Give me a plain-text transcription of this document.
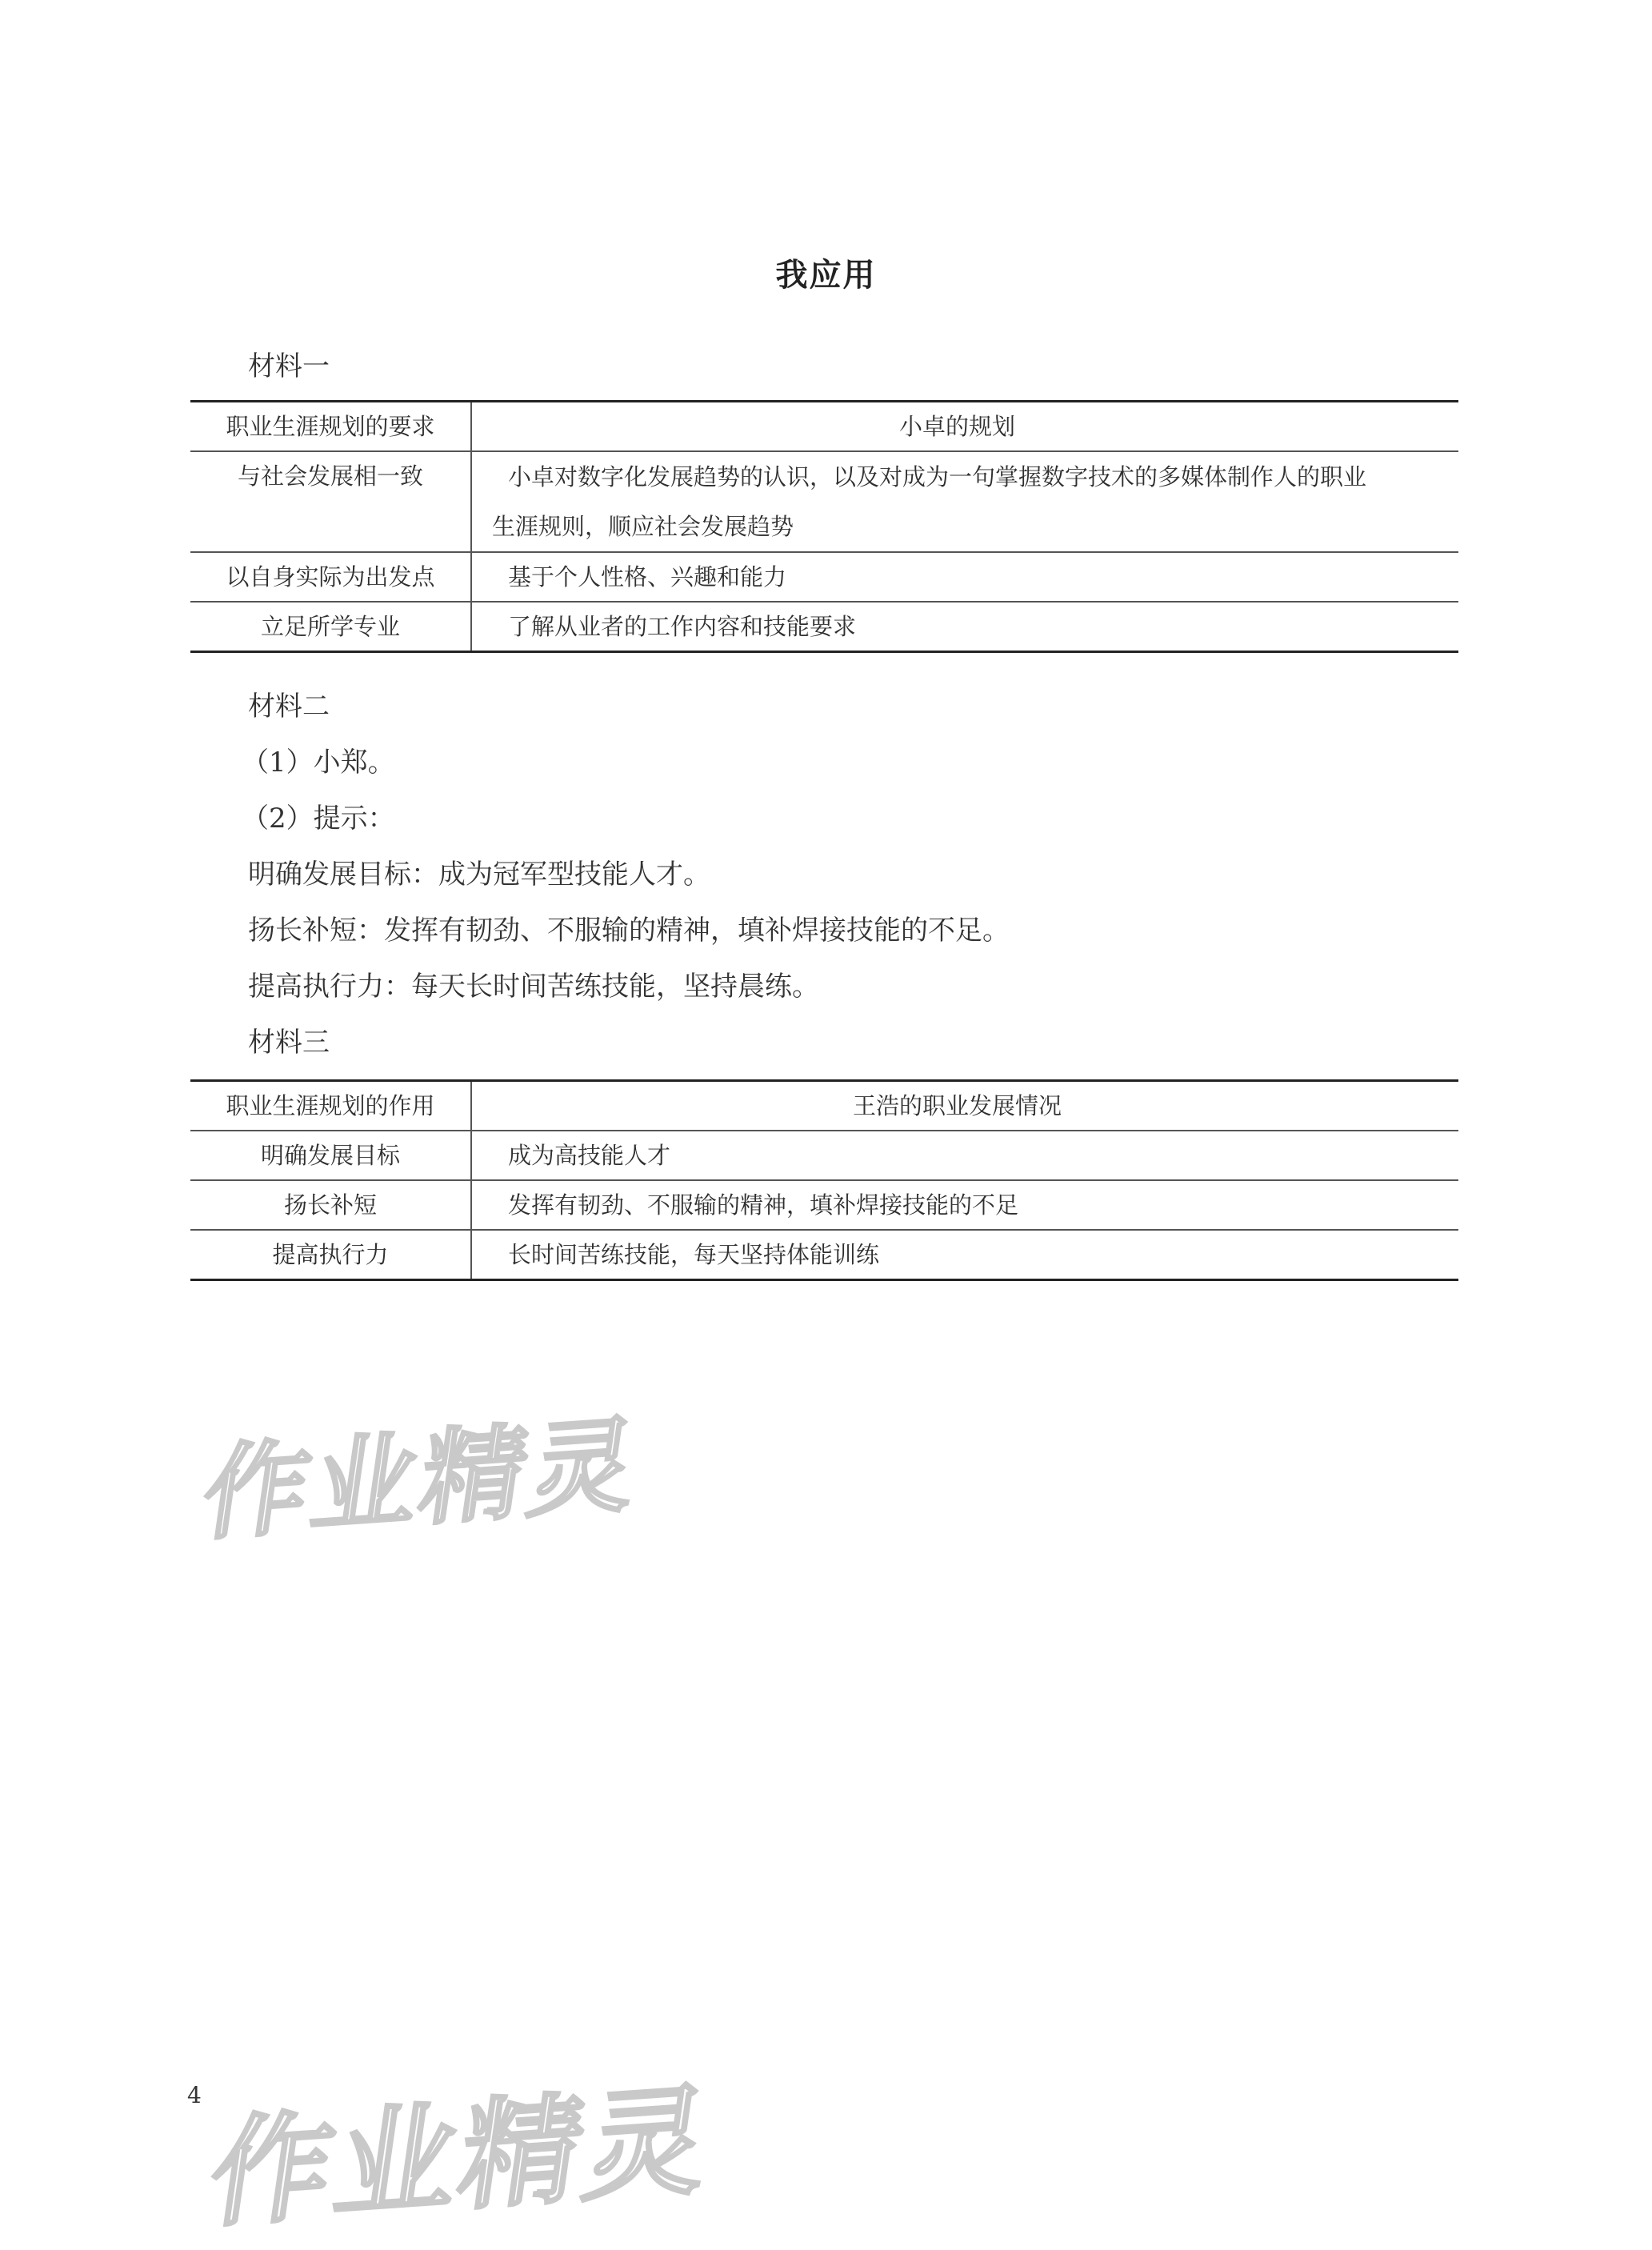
我应用
材料一
职业生涯规划的要求	小卓的规划
与社会发展相一致	小卓对数字化发展趋势的认识，以及对成为一句掌握数字技术的多媒体制作人的职业
生涯规则，顺应社会发展趋势

以自身实际为出发点	基于个人性格、兴趣和能力
立足所学专业	了解从业者的工作内容和技能要求
材料二
（1）小郑。
（2）提示：
明确发展目标：成为冠军型技能人才。
扬长补短：发挥有韧劲、不服输的精神，填补焊接技能的不足。
提高执行力：每天长时间苦练技能，坚持晨练。
材料三
职业生涯规划的作用	王浩的职业发展情况
明确发展目标	成为高技能人才
扬长补短	发挥有韧劲、不服输的精神，填补焊接技能的不足
提高执行力	长时间苦练技能，每天坚持体能训练
作业精灵
作业精灵
4
